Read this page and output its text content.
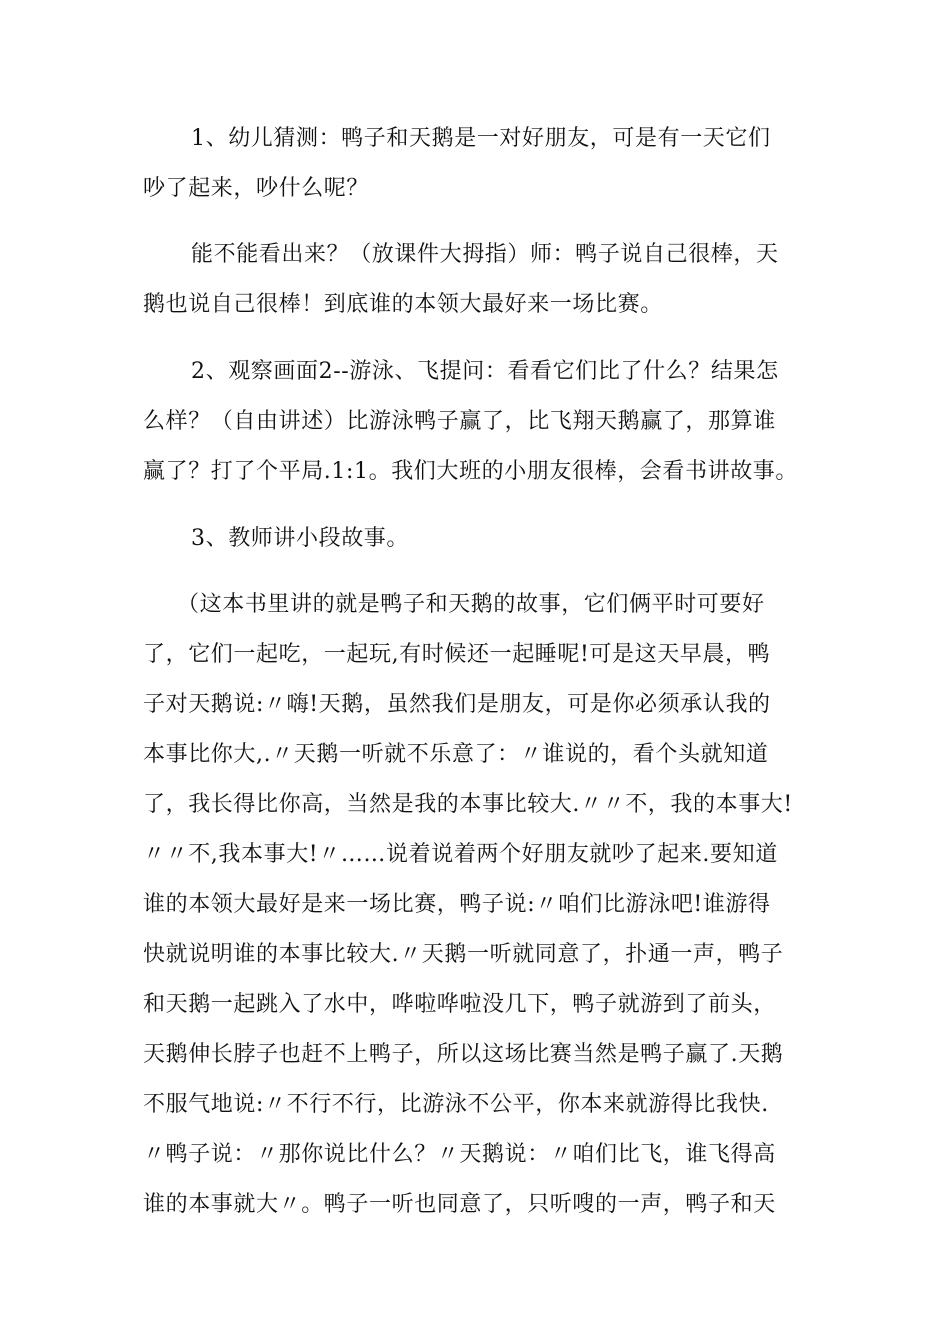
1、幼儿猜测：鸭子和天鹅是一对好朋友，可是有一天它们
吵了起来，吵什么呢？
能不能看出来？（放课件大拇指）师：鸭子说自己很棒，天
鹅也说自己很棒！到底谁的本领大最好来一场比赛。
2、观察画面2--游泳、飞提问：看看它们比了什么？结果怎
么样？（自由讲述）比游泳鸭子赢了，比飞翔天鹅赢了，那算谁
赢了？打了个平局.1:1。我们大班的小朋友很棒，会看书讲故事。
3、教师讲小段故事。
（这本书里讲的就是鸭子和天鹅的故事，它们俩平时可要好
了，它们一起吃，一起玩,有时候还一起睡呢!可是这天早晨，鸭
子对天鹅说:〃嗨!天鹅，虽然我们是朋友，可是你必须承认我的
本事比你大,.〃天鹅一听就不乐意了：〃谁说的，看个头就知道
了，我长得比你高，当然是我的本事比较大.〃〃不，我的本事大!
〃〃不,我本事大!〃……说着说着两个好朋友就吵了起来.要知道
谁的本领大最好是来一场比赛，鸭子说:〃咱们比游泳吧!谁游得
快就说明谁的本事比较大.〃天鹅一听就同意了，扑通一声，鸭子
和天鹅一起跳入了水中，哗啦哗啦没几下，鸭子就游到了前头，
天鹅伸长脖子也赶不上鸭子，所以这场比赛当然是鸭子赢了.天鹅
不服气地说:〃不行不行，比游泳不公平，你本来就游得比我快.
〃鸭子说：〃那你说比什么？〃天鹅说：〃咱们比飞，谁飞得高
谁的本事就大〃。鸭子一听也同意了，只听嗖的一声，鸭子和天
